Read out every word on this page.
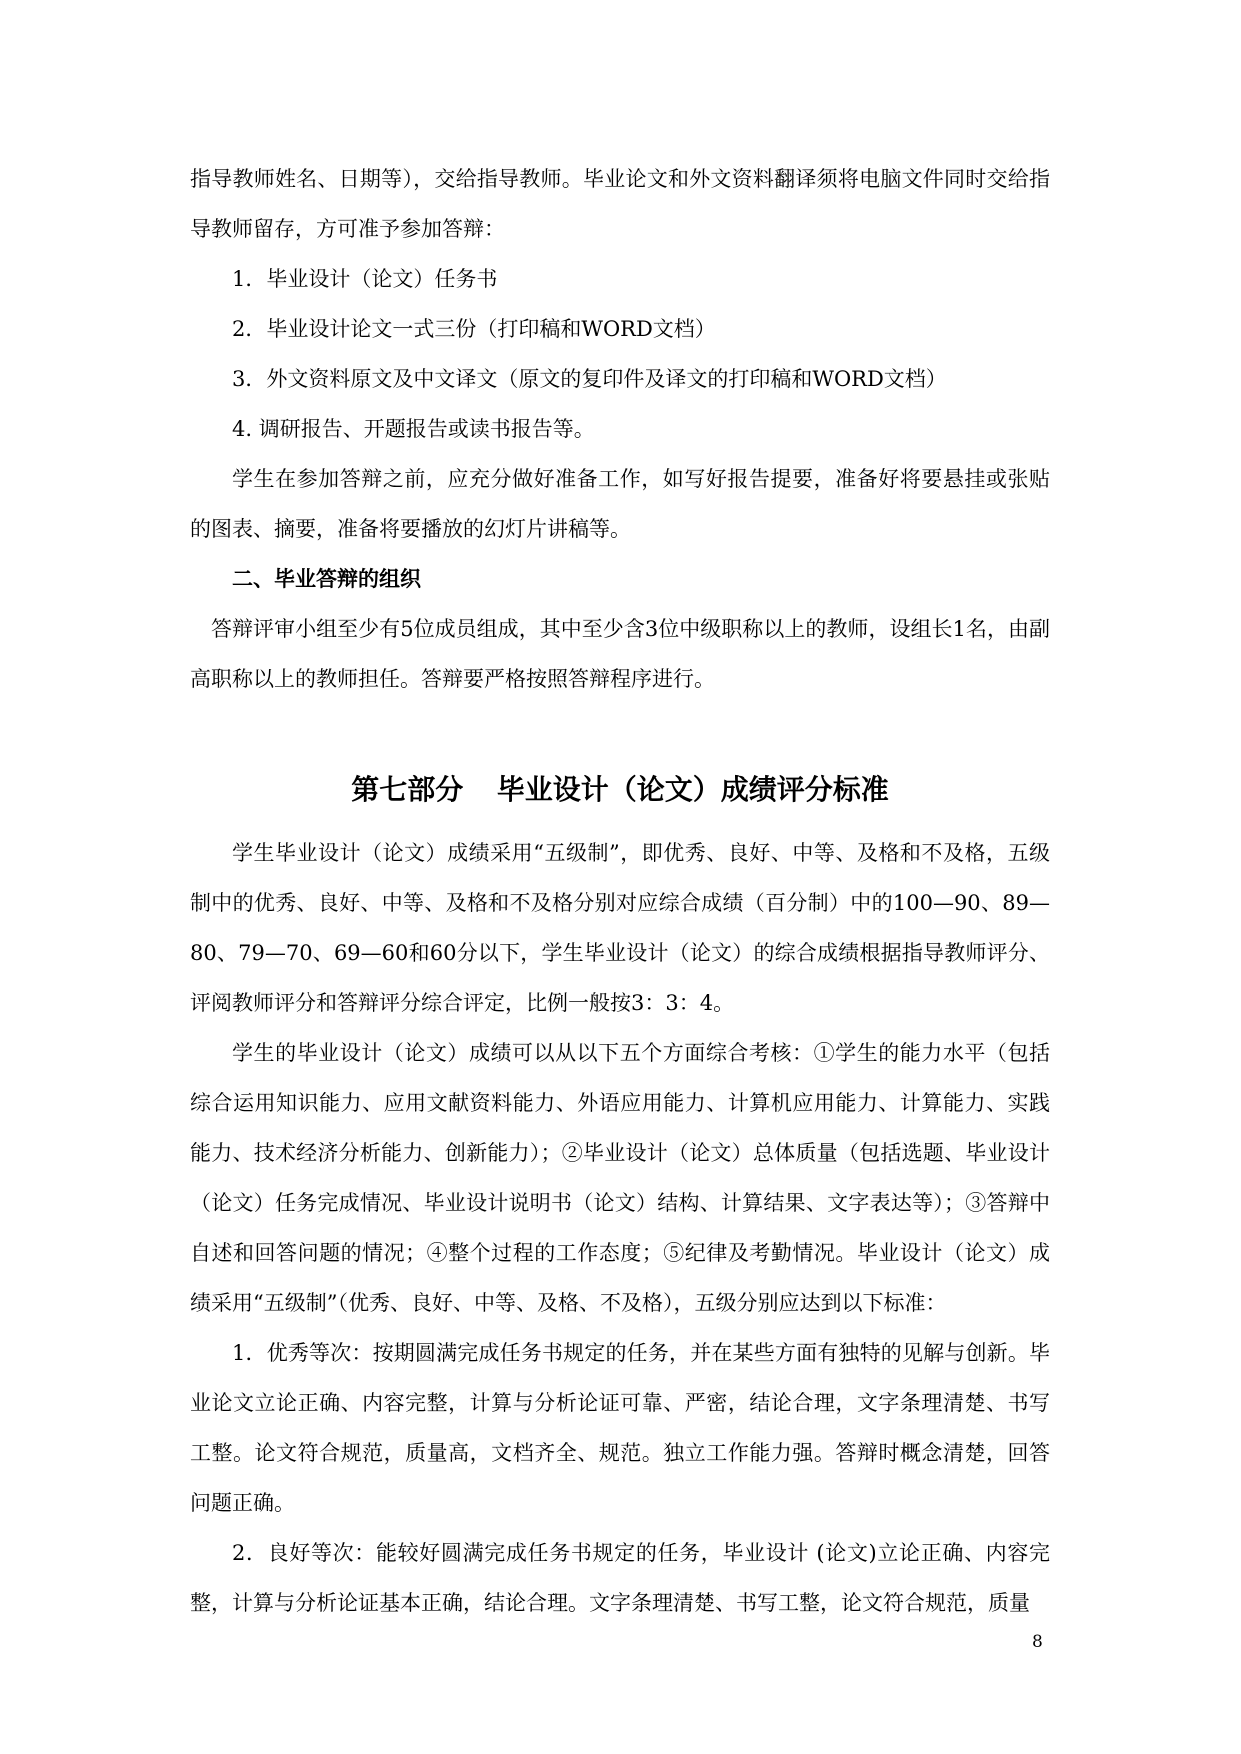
指导教师姓名、日期等），交给指导教师。毕业论文和外文资料翻译须将电脑文件同时交给指导教师留存，方可准予参加答辩：

1．毕业设计（论文）任务书

2．毕业设计论文一式三份（打印稿和WORD文档）

3．外文资料原文及中文译文（原文的复印件及译文的打印稿和WORD文档）

4. 调研报告、开题报告或读书报告等。

学生在参加答辩之前，应充分做好准备工作，如写好报告提要，准备好将要悬挂或张贴的图表、摘要，准备将要播放的幻灯片讲稿等。

二、毕业答辩的组织

答辩评审小组至少有5位成员组成，其中至少含3位中级职称以上的教师，设组长1名，由副高职称以上的教师担任。答辩要严格按照答辩程序进行。

第七部分 毕业设计（论文）成绩评分标准

学生毕业设计（论文）成绩采用“五级制”，即优秀、良好、中等、及格和不及格，五级制中的优秀、良好、中等、及格和不及格分别对应综合成绩（百分制）中的100—90、89—80、79—70、69—60和60分以下，学生毕业设计（论文）的综合成绩根据指导教师评分、评阅教师评分和答辩评分综合评定，比例一般按3：3：4。

学生的毕业设计（论文）成绩可以从以下五个方面综合考核：①学生的能力水平（包括综合运用知识能力、应用文献资料能力、外语应用能力、计算机应用能力、计算能力、实践能力、技术经济分析能力、创新能力）；②毕业设计（论文）总体质量（包括选题、毕业设计（论文）任务完成情况、毕业设计说明书（论文）结构、计算结果、文字表达等）；③答辩中自述和回答问题的情况；④整个过程的工作态度；⑤纪律及考勤情况。毕业设计（论文）成绩采用“五级制”（优秀、良好、中等、及格、不及格），五级分别应达到以下标准：

1．优秀等次：按期圆满完成任务书规定的任务，并在某些方面有独特的见解与创新。毕业论文立论正确、内容完整，计算与分析论证可靠、严密，结论合理，文字条理清楚、书写工整。论文符合规范，质量高，文档齐全、规范。独立工作能力强。答辩时概念清楚，回答问题正确。

2．良好等次：能较好圆满完成任务书规定的任务，毕业设计 (论文)立论正确、内容完整，计算与分析论证基本正确，结论合理。文字条理清楚、书写工整，论文符合规范，质量

8
